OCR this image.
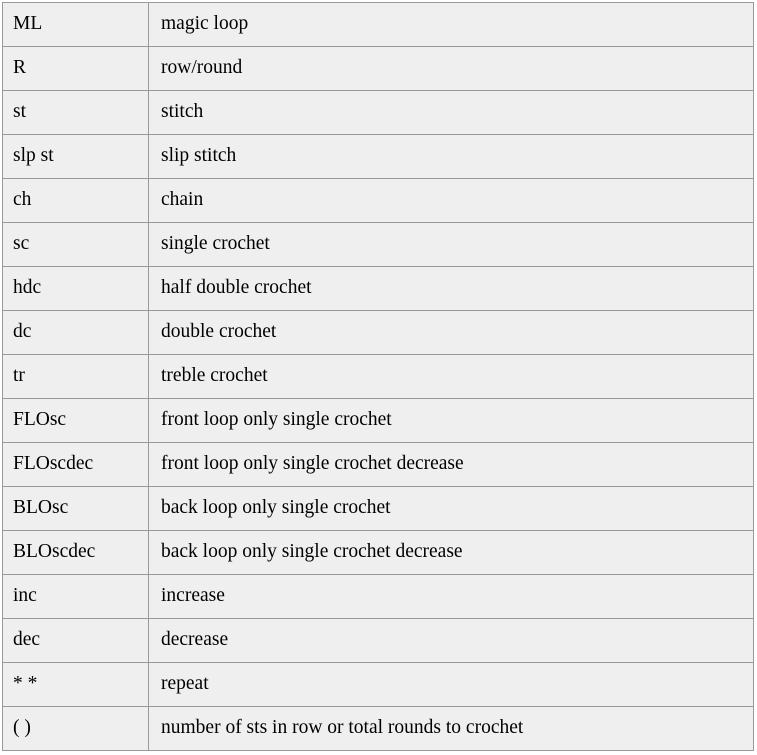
ML	magic loop
R	row/round
st	stitch
slp st	slip stitch
ch	chain
sc	single crochet
hdc	half double crochet
dc	double crochet
tr	treble crochet
FLOsc	front loop only single crochet
FLOscdec	front loop only single crochet decrease
BLOsc	back loop only single crochet
BLOscdec	back loop only single crochet decrease
inc	increase
dec	decrease
* *	repeat
( )	number of sts in row or total rounds to crochet
